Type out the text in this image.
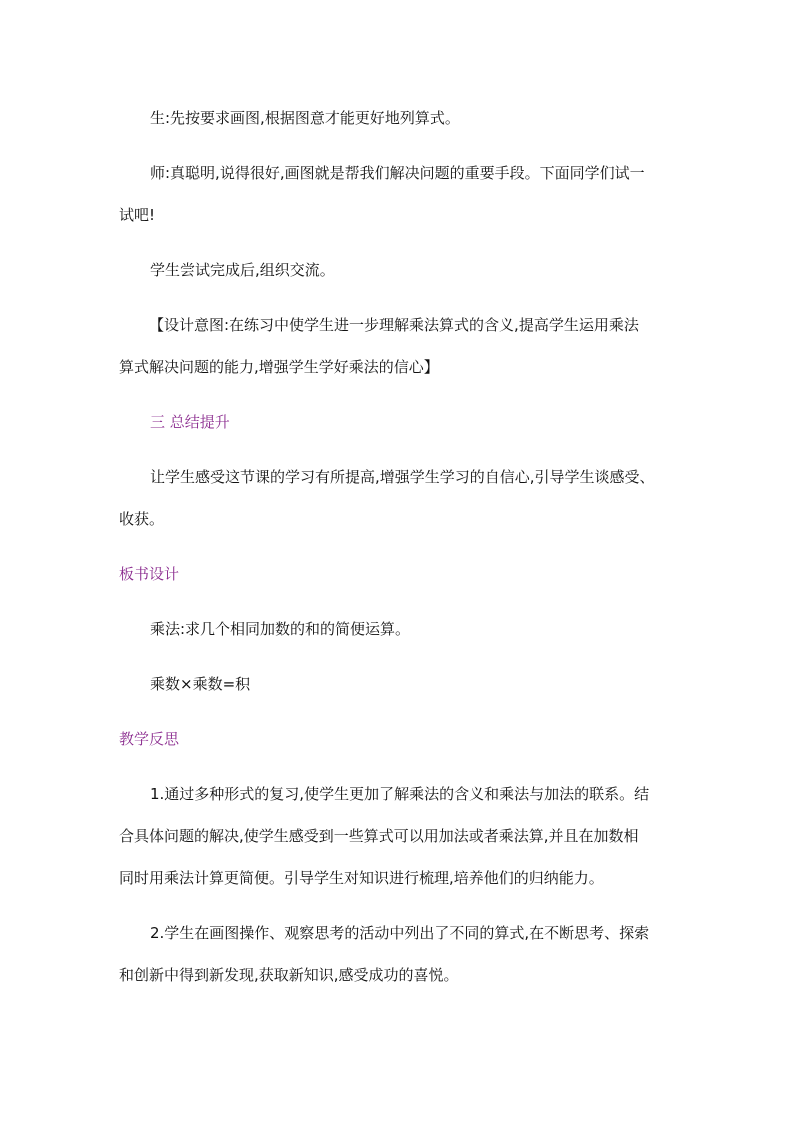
生:先按要求画图,根据图意才能更好地列算式。
师:真聪明,说得很好,画图就是帮我们解决问题的重要手段。下面同学们试一
试吧!
学生尝试完成后,组织交流。
【设计意图:在练习中使学生进一步理解乘法算式的含义,提高学生运用乘法
算式解决问题的能力,增强学生学好乘法的信心】
三 总结提升
让学生感受这节课的学习有所提高,增强学生学习的自信心,引导学生谈感受、
收获。
板书设计
乘法:求几个相同加数的和的简便运算。
乘数×乘数=积
教学反思
1.通过多种形式的复习,使学生更加了解乘法的含义和乘法与加法的联系。结
合具体问题的解决,使学生感受到一些算式可以用加法或者乘法算,并且在加数相
同时用乘法计算更简便。引导学生对知识进行梳理,培养他们的归纳能力。
2.学生在画图操作、观察思考的活动中列出了不同的算式,在不断思考、探索
和创新中得到新发现,获取新知识,感受成功的喜悦。
